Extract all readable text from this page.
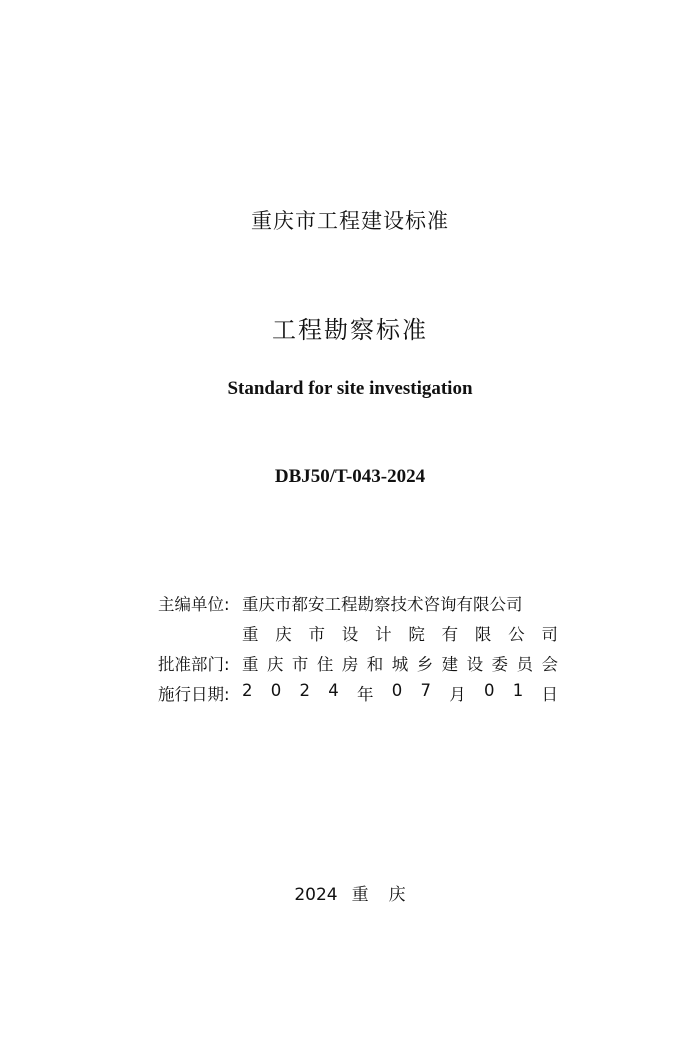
重庆市工程建设标准
工程勘察标准
Standard for site investigation
DBJ50/T-043-2024
主编单位: 重庆市都安工程勘察技术咨询有限公司
重 庆 市 设 计 院 有 限 公 司
批准部门: 重 庆 市 住 房 和 城 乡 建 设 委 员 会
施行日期: 2 0 2 4 年 0 7 月 0 1 日
2024 重 庆
